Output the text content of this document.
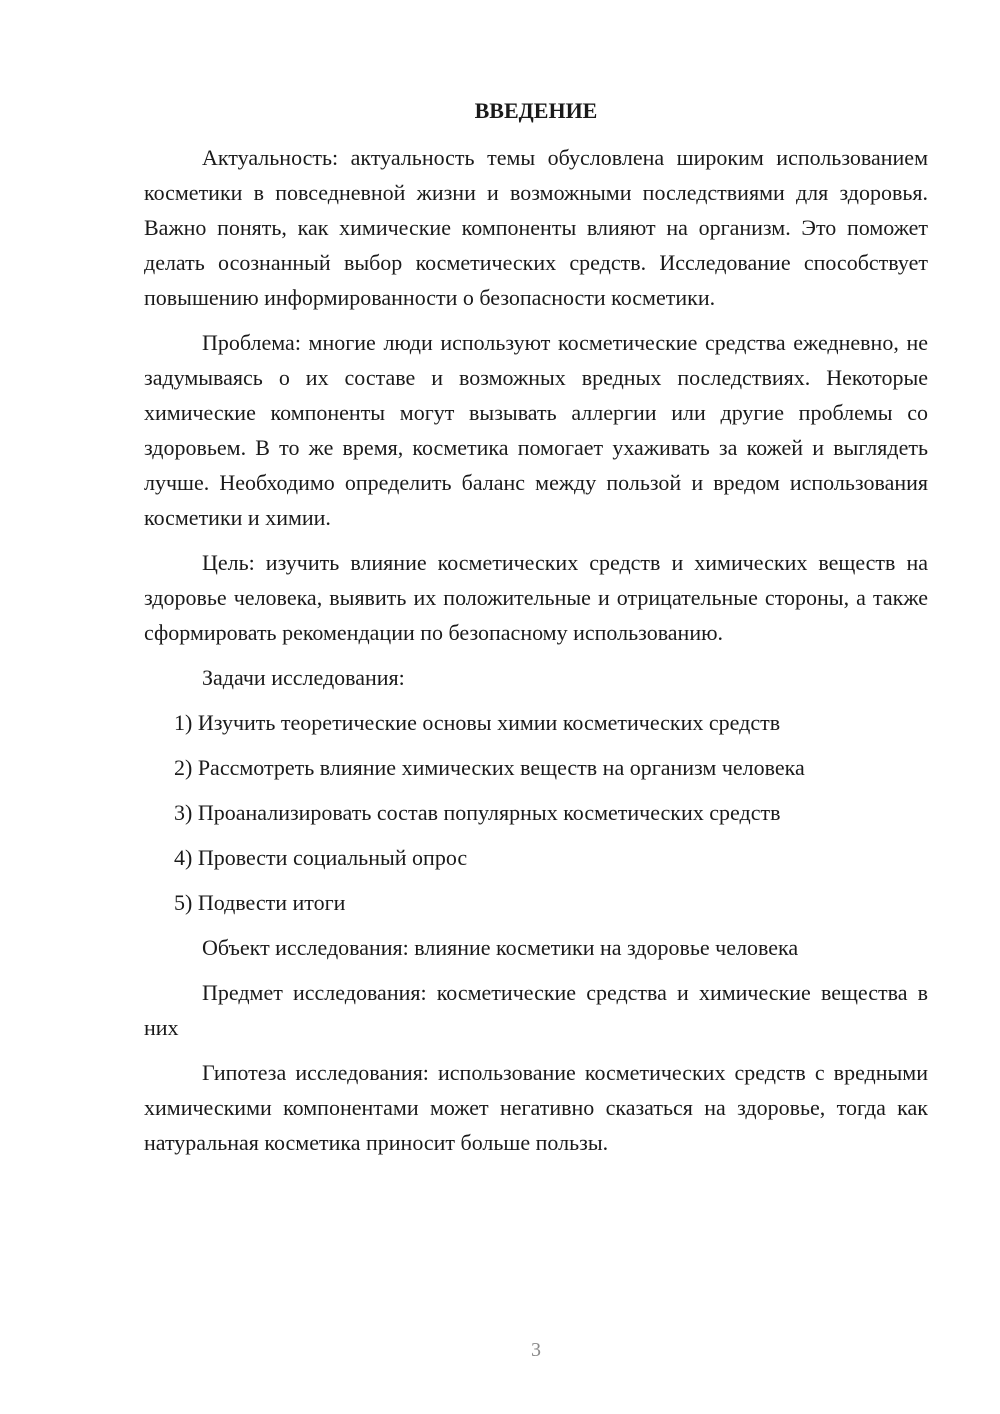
ВВЕДЕНИЕ

Актуальность: актуальность темы обусловлена широким использованием косметики в повседневной жизни и возможными последствиями для здоровья. Важно понять, как химические компоненты влияют на организм. Это поможет делать осознанный выбор косметических средств. Исследование способствует повышению информированности о безопасности косметики.

Проблема: многие люди используют косметические средства ежедневно, не задумываясь о их составе и возможных вредных последствиях. Некоторые химические компоненты могут вызывать аллергии или другие проблемы со здоровьем. В то же время, косметика помогает ухаживать за кожей и выглядеть лучше. Необходимо определить баланс между пользой и вредом использования косметики и химии.

Цель: изучить влияние косметических средств и химических веществ на здоровье человека, выявить их положительные и отрицательные стороны, а также сформировать рекомендации по безопасному использованию.

Задачи исследования:

1) Изучить теоретические основы химии косметических средств
2) Рассмотреть влияние химических веществ на организм человека
3) Проанализировать состав популярных косметических средств
4) Провести социальный опрос
5) Подвести итоги

Объект исследования: влияние косметики на здоровье человека

Предмет исследования: косметические средства и химические вещества в них

Гипотеза исследования: использование косметических средств с вредными химическими компонентами может негативно сказаться на здоровье, тогда как натуральная косметика приносит больше пользы.

3
